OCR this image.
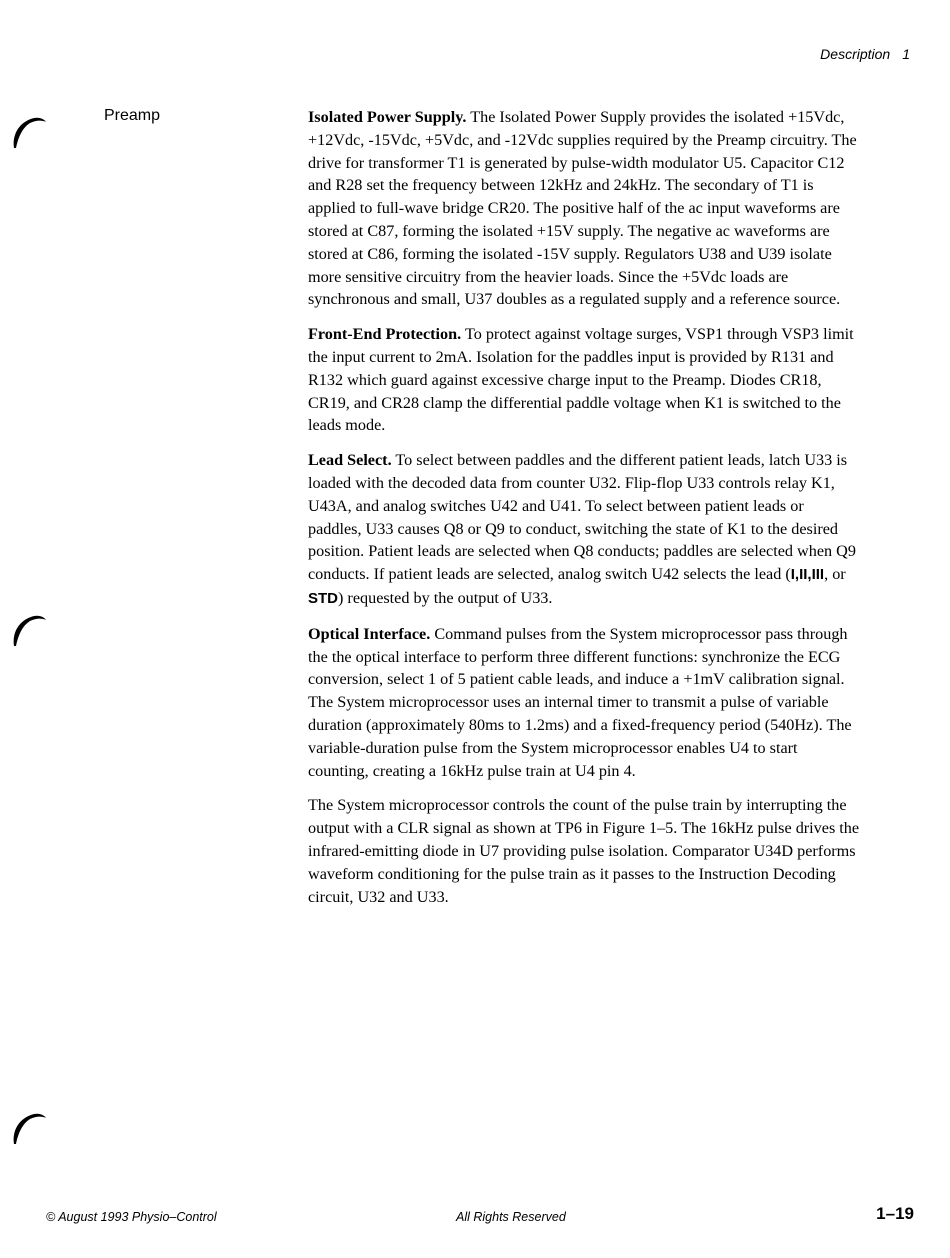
Description 1
Preamp	Isolated Power Supply. The Isolated Power Supply provides the isolated +15Vdc, +12Vdc, -15Vdc, +5Vdc, and -12Vdc supplies required by the Preamp circuitry. The drive for transformer T1 is generated by pulse-width modulator U5. Capacitor C12 and R28 set the frequency between 12kHz and 24kHz. The secondary of T1 is applied to full-wave bridge CR20. The positive half of the ac input waveforms are stored at C87, forming the isolated +15V supply. The negative ac waveforms are stored at C86, forming the isolated -15V supply. Regulators U38 and U39 isolate more sensitive circuitry from the heavier loads. Since the +5Vdc loads are synchronous and small, U37 doubles as a regulated supply and a reference source.

Front-End Protection. To protect against voltage surges, VSP1 through VSP3 limit the input current to 2mA. Isolation for the paddles input is provided by R131 and R132 which guard against excessive charge input to the Preamp. Diodes CR18, CR19, and CR28 clamp the differential paddle voltage when K1 is switched to the leads mode.

Lead Select. To select between paddles and the different patient leads, latch U33 is loaded with the decoded data from counter U32. Flip-flop U33 controls relay K1, U43A, and analog switches U42 and U41. To select between patient leads or paddles, U33 causes Q8 or Q9 to conduct, switching the state of K1 to the desired position. Patient leads are selected when Q8 conducts; paddles are selected when Q9 conducts. If patient leads are selected, analog switch U42 selects the lead (I,II,III, or STD) requested by the output of U33.

Optical Interface. Command pulses from the System microprocessor pass through the the optical interface to perform three different functions: synchronize the ECG conversion, select 1 of 5 patient cable leads, and induce a +1mV calibration signal. The System microprocessor uses an internal timer to transmit a pulse of variable duration (approximately 80ms to 1.2ms) and a fixed-frequency period (540Hz). The variable-duration pulse from the System microprocessor enables U4 to start counting, creating a 16kHz pulse train at U4 pin 4.

The System microprocessor controls the count of the pulse train by interrupting the output with a CLR signal as shown at TP6 in Figure 1–5. The 16kHz pulse drives the infrared-emitting diode in U7 providing pulse isolation. Comparator U34D performs waveform conditioning for the pulse train as it passes to the Instruction Decoding circuit, U32 and U33.

© August 1993 Physio–Control	All Rights Reserved	1–19
